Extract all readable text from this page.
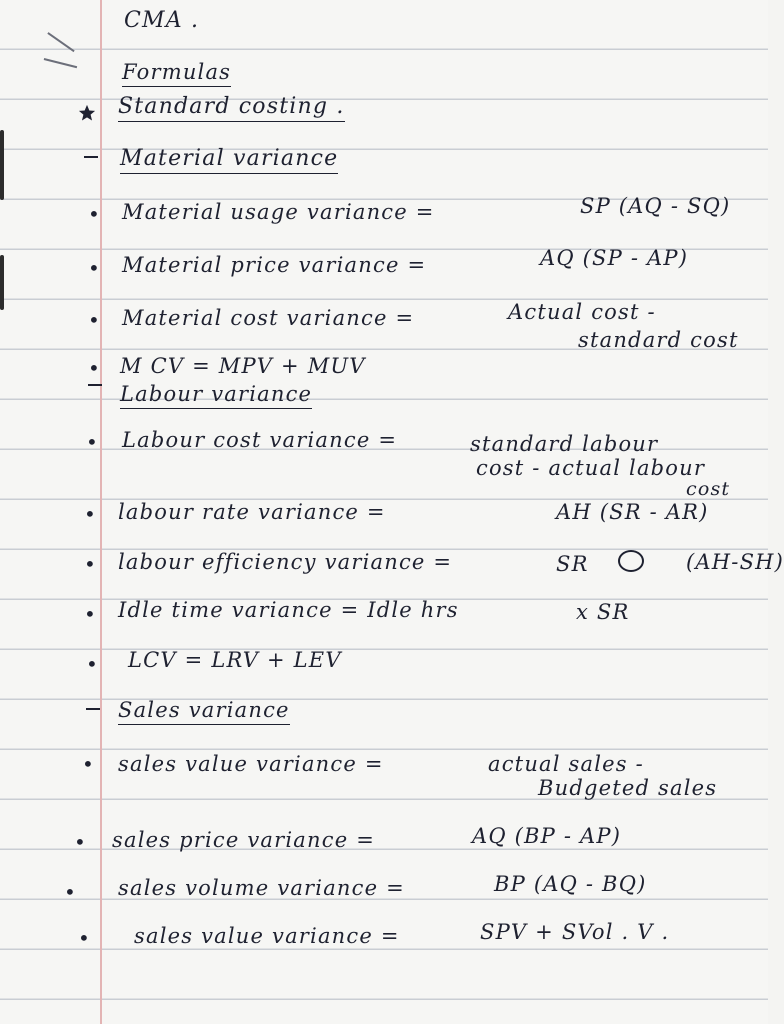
CMA .
Formulas
Standard costing .
Material variance
• Material usage variance =	SP (AQ - SQ)
• Material price variance =	AQ (SP - AP)
• Material cost variance =	Actual cost -
standard cost
• M CV = MPV + MUV
Labour variance
• Labour cost variance =	standard labour
cost - actual labour
cost
• labour rate variance =	AH (SR - AR)
• labour efficiency variance =	SR	(AH-SH)
• Idle time variance = Idle hrs	x SR
• LCV = LRV + LEV
Sales variance
• sales value variance =	actual sales -
Budgeted sales
• sales price variance =	AQ (BP - AP)
• sales volume variance =	BP (AQ - BQ)
• sales value variance =	SPV + SVol . V .
